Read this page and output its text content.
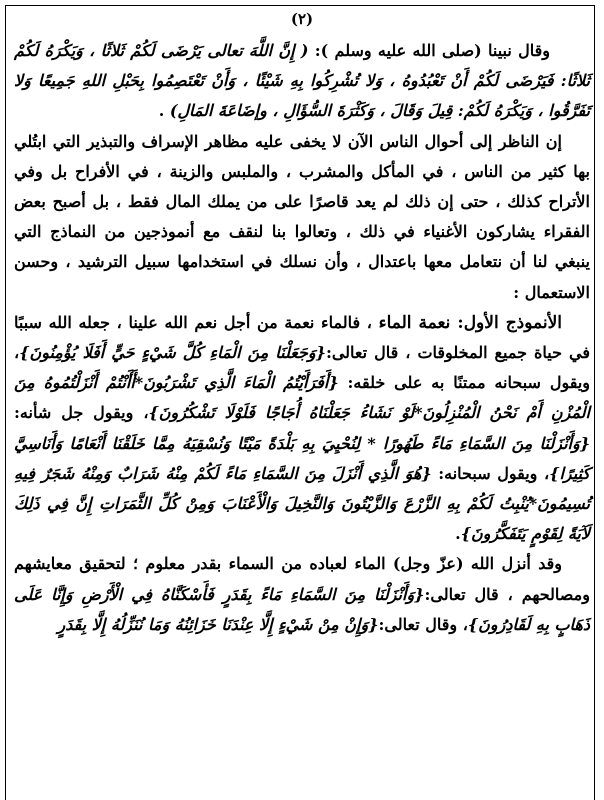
(٢)

وقال نبينا (صلى الله عليه وسلم ): ( إِنَّ اللَّهَ تعالى يَرْضَى لَكُمْ ثَلاثًا ، وَيَكْرَهُ لَكُمْ ثَلاثًا: فَيَرْضَى لَكُمْ أَنْ تَعْبُدُوهُ ، وَلا تُشْرِكُوا بِهِ شَيْئًا ، وَأَنْ تَعْتَصِمُوا بِحَبْلِ اللهِ جَمِيعًا وَلا تَفَرَّقُوا ، وَيَكْرَهُ لَكُمْ: قِيلَ وَقَالَ ، وَكَثْرَةَ السُّؤَالِ ، وإضَاعَةَ المَالِ) .

إن الناظر إلى أحوال الناس الآن لا يخفى عليه مظاهر الإسراف والتبذير التي ابتُلي بها كثير من الناس ، في المأكل والمشرب ، والملبس والزينة ، في الأفراح بل وفي الأتراح كذلك ، حتى إن ذلك لم يعد قاصرًا على من يملك المال فقط ، بل أصبح بعض الفقراء يشاركون الأغنياء في ذلك ، وتعالوا بنا لنقف مع أنموذجين من النماذج التي ينبغي لنا أن نتعامل معها باعتدال ، وأن نسلك في استخدامها سبيل الترشيد ، وحسن الاستعمال :

الأنموذج الأول: نعمة الماء ، فالماء نعمة من أجل نعم الله علينا ، جعله الله سببًا في حياة جميع المخلوقات ، قال تعالى:{وَجَعَلْنَا مِنَ الْمَاءِ كُلَّ شَيْءٍ حَيٍّ أَفَلَا يُؤْمِنُونَ}، ويقول سبحانه ممتنًا به على خلقه: {أَفَرَأَيْتُمُ الْمَاءَ الَّذِي تَشْرَبُونَ*أَأَنْتُمْ أَنْزَلْتُمُوهُ مِنَ الْمُزْنِ أَمْ نَحْنُ الْمُنْزِلُونَ*لَوْ نَشَاءُ جَعَلْنَاهُ أُجَاجًا فَلَوْلَا تَشْكُرُونَ}، ويقول جل شأنه: {وَأَنْزَلْنَا مِنَ السَّمَاءِ مَاءً طَهُورًا * لِنُحْيِيَ بِهِ بَلْدَةً مَيْتًا وَنُسْقِيَهُ مِمَّا خَلَقْنَا أَنْعَامًا وَأَنَاسِيَّ كَثِيرًا}، ويقول سبحانه: {هُوَ الَّذِي أَنْزَلَ مِنَ السَّمَاءِ مَاءً لَكُمْ مِنْهُ شَرَابٌ وَمِنْهُ شَجَرٌ فِيهِ تُسِيمُونَ*يُنْبِتُ لَكُمْ بِهِ الزَّرْعَ وَالزَّيْتُونَ وَالنَّخِيلَ وَالْأَعْنَابَ وَمِنْ كُلِّ الثَّمَرَاتِ إِنَّ فِي ذَلِكَ لَآيَةً لِقَوْمٍ يَتَفَكَّرُونَ}.

وقد أنزل الله (عزّ وجل) الماء لعباده من السماء بقدر معلوم ؛ لتحقيق معايشهم ومصالحهم ، قال تعالى:{وَأَنْزَلْنَا مِنَ السَّمَاءِ مَاءً بِقَدَرٍ فَأَسْكَنَّاهُ فِي الْأَرْضِ وَإِنَّا عَلَى ذَهَابٍ بِهِ لَقَادِرُونَ}، وقال تعالى:{وَإِنْ مِنْ شَيْءٍ إِلَّا عِنْدَنَا خَزَائِنُهُ وَمَا نُنَزِّلُهُ إِلَّا بِقَدَرٍ
